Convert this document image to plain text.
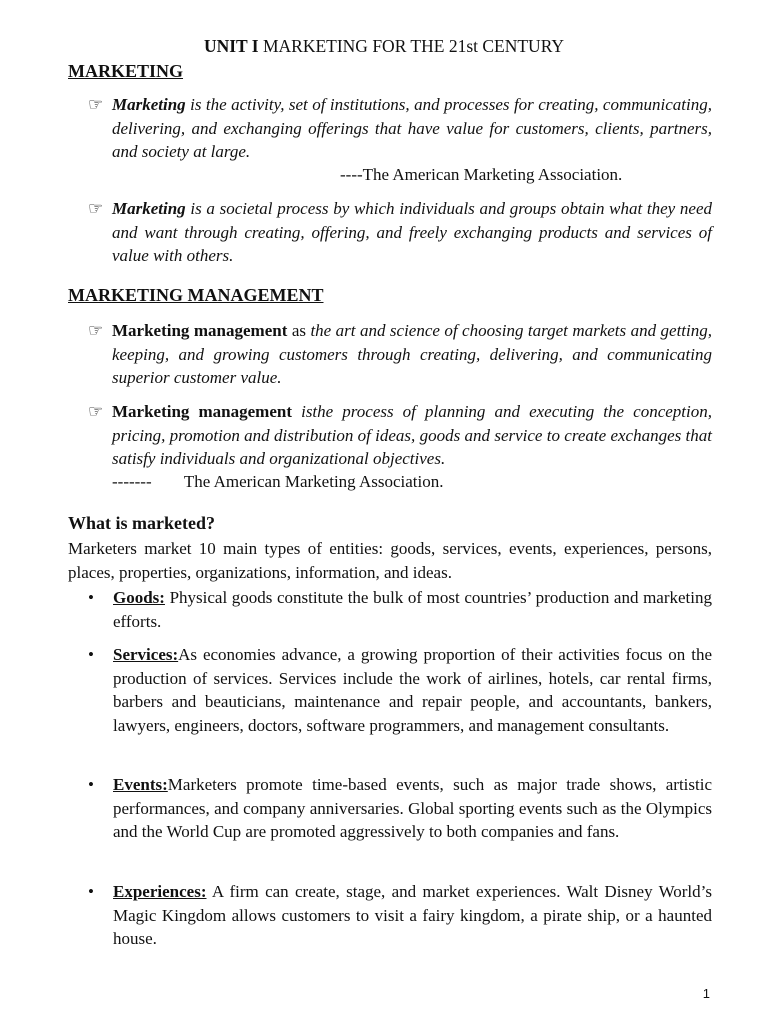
UNIT I MARKETING FOR THE 21st CENTURY
MARKETING
☞ Marketing is the activity, set of institutions, and processes for creating, communicating, delivering, and exchanging offerings that have value for customers, clients, partners, and society at large.
----The American Marketing Association.
☞ Marketing is a societal process by which individuals and groups obtain what they need and want through creating, offering, and freely exchanging products and services of value with others.
MARKETING MANAGEMENT
☞ Marketing management as the art and science of choosing target markets and getting, keeping, and growing customers through creating, delivering, and communicating superior customer value.
☞ Marketing management isthe process of planning and executing the conception, pricing, promotion and distribution of ideas, goods and service to create exchanges that satisfy individuals and organizational objectives.
------- The American Marketing Association.
What is marketed?
Marketers market 10 main types of entities: goods, services, events, experiences, persons, places, properties, organizations, information, and ideas.
•	Goods: Physical goods constitute the bulk of most countries’ production and marketing efforts.
•	Services:As economies advance, a growing proportion of their activities focus on the production of services. Services include the work of airlines, hotels, car rental firms, barbers and beauticians, maintenance and repair people, and accountants, bankers, lawyers, engineers, doctors, software programmers, and management consultants.
•	Events:Marketers promote time-based events, such as major trade shows, artistic performances, and company anniversaries. Global sporting events such as the Olympics and the World Cup are promoted aggressively to both companies and fans.
•	Experiences: A firm can create, stage, and market experiences. Walt Disney World’s Magic Kingdom allows customers to visit a fairy kingdom, a pirate ship, or a haunted house.
1
